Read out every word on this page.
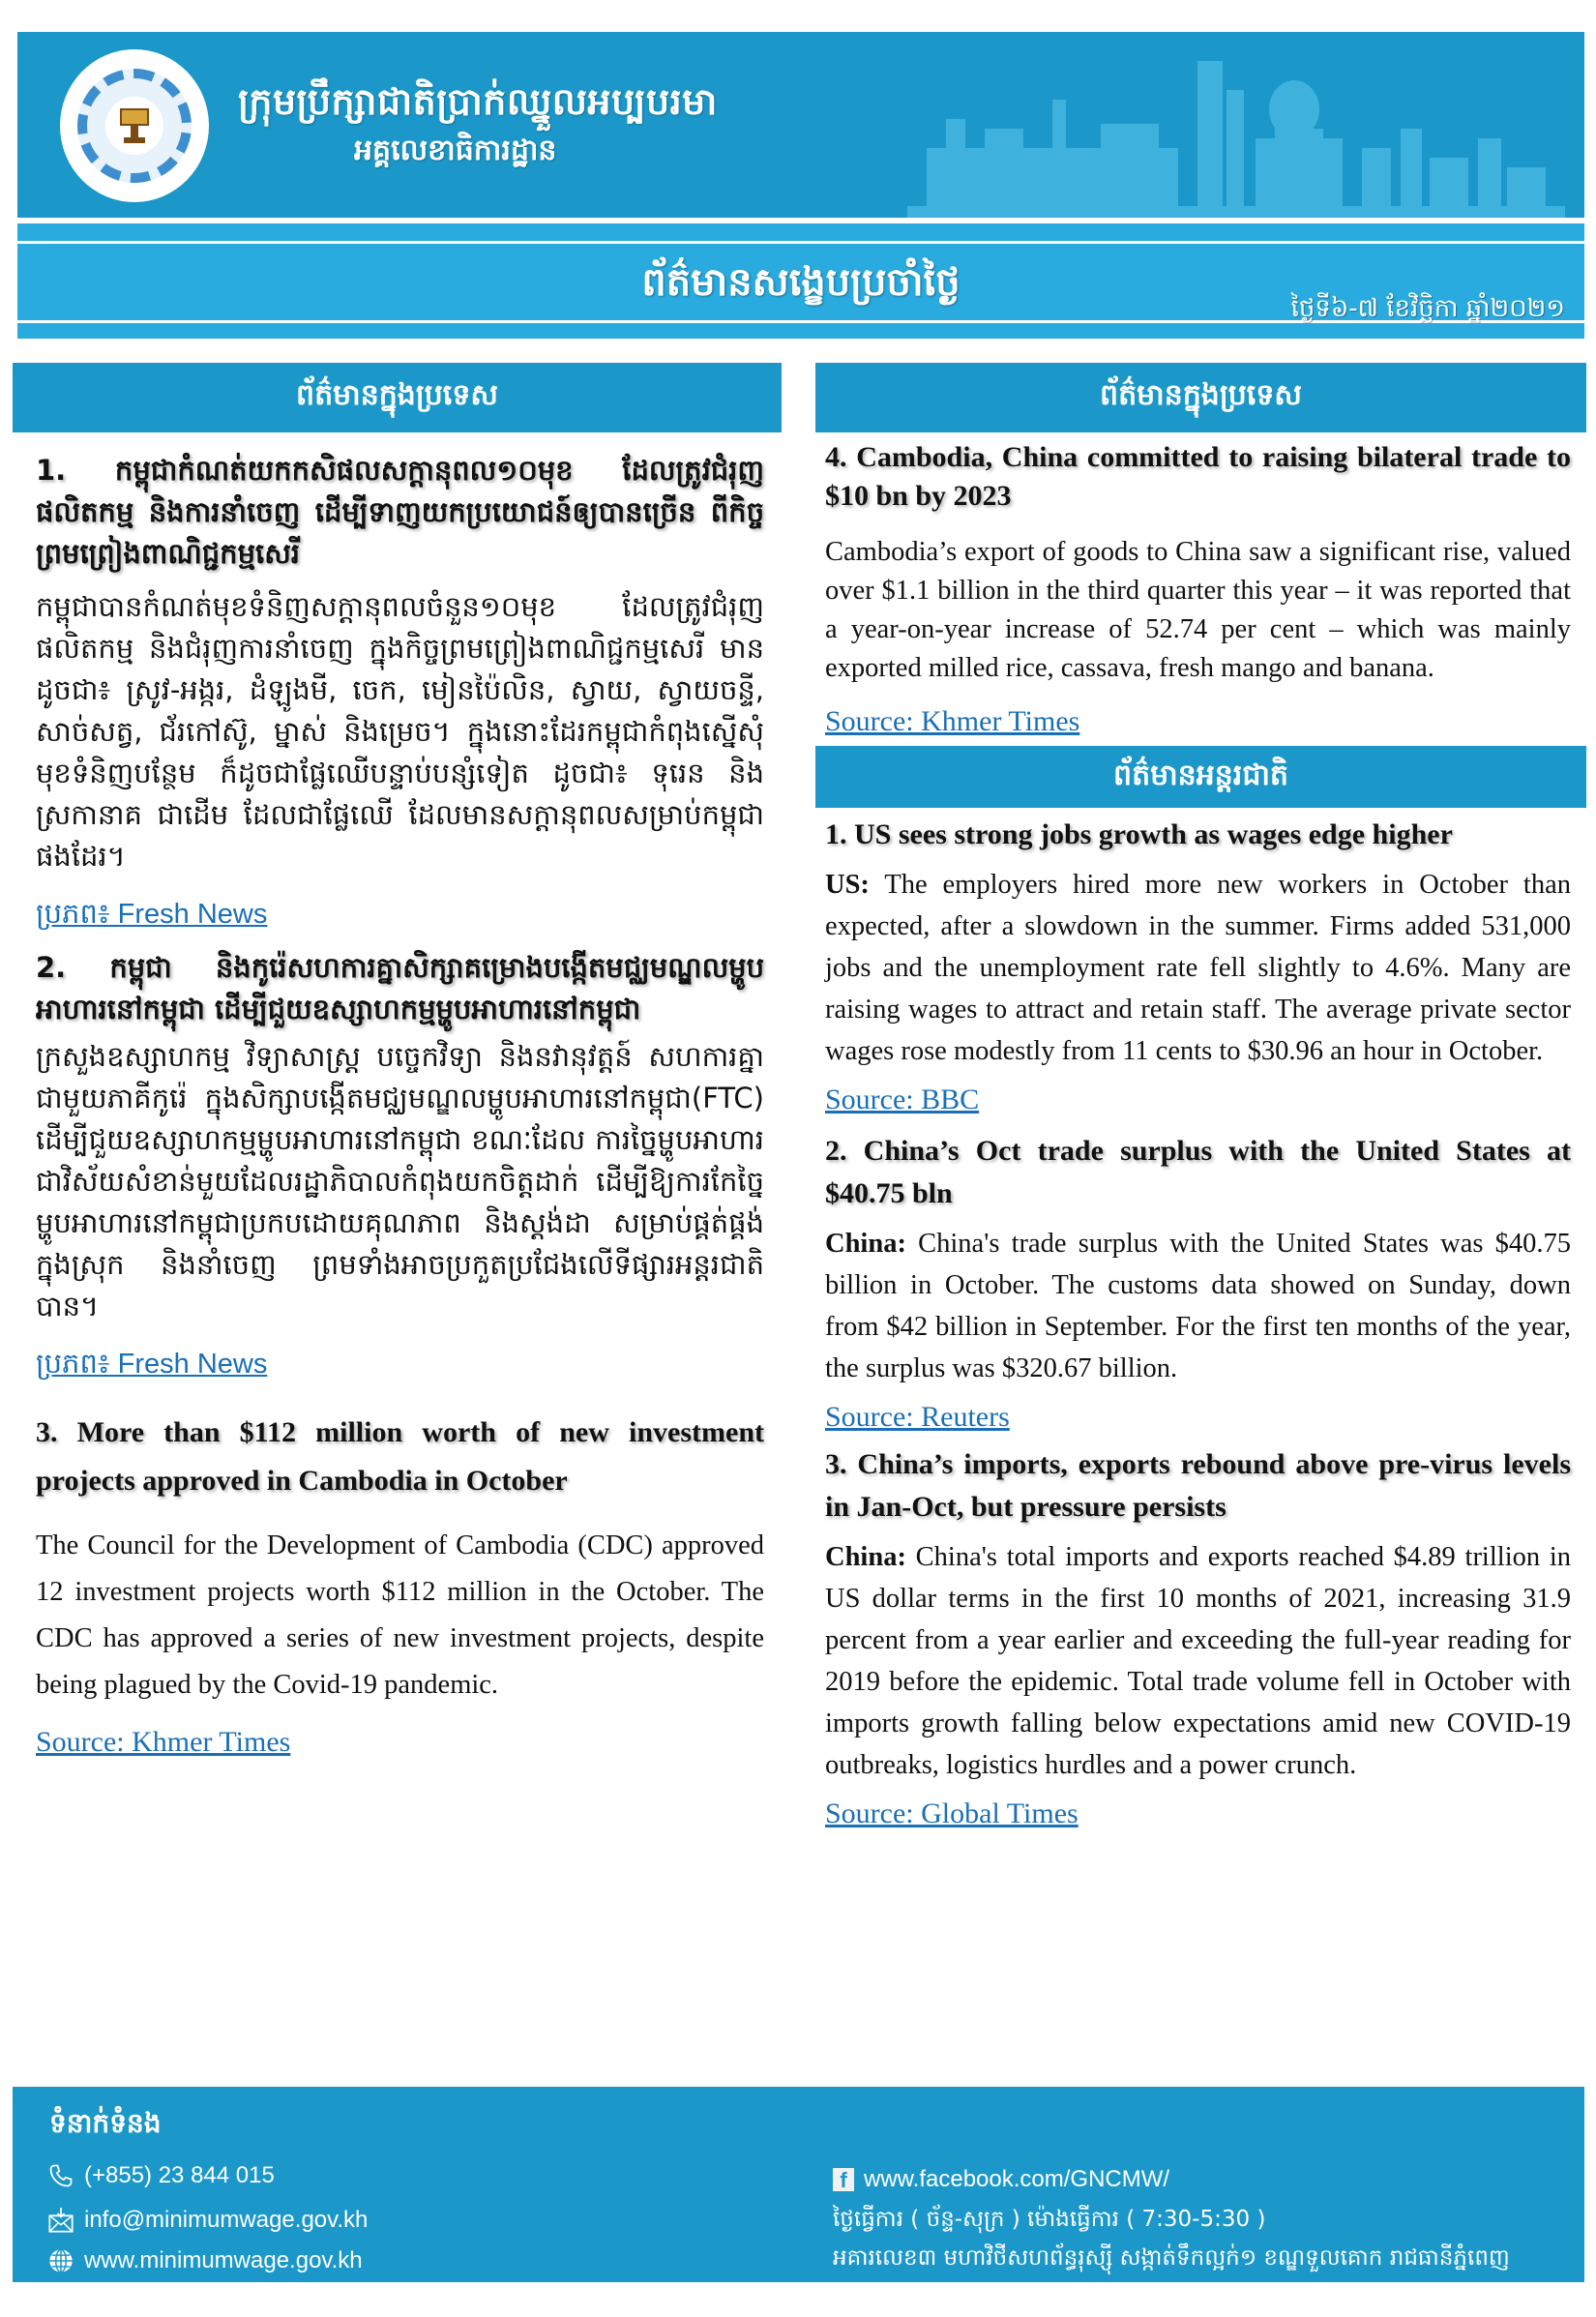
ក្រុមប្រឹក្សាជាតិប្រាក់ឈ្នួលអប្បបរមា
អគ្គលេខាធិការដ្ឋាន
ព័ត៌មានសង្ខេបប្រចាំថ្ងៃ
ថ្ងៃទី៦-៧ ខែវិច្ឆិកា ឆ្នាំ២០២១
ព័ត៌មានក្នុងប្រទេស
1. កម្ពុជាកំណត់យកកសិផលសក្តានុពល១០មុខ ដែលត្រូវជំរុញផលិតកម្ម និងការនាំចេញ ដើម្បីទាញយកប្រយោជន៍ឲ្យបានច្រើន ពីកិច្ចព្រមព្រៀងពាណិជ្ជកម្មសេរី
កម្ពុជាបានកំណត់មុខទំនិញសក្តានុពលចំនួន១០មុខ ដែលត្រូវជំរុញផលិតកម្ម និងជំរុញការនាំចេញ ក្នុងកិច្ចព្រមព្រៀងពាណិជ្ជកម្មសេរី មានដូចជា៖ ស្រូវ-អង្ករ, ដំឡូងមី, ចេក, មៀនប៉ៃលិន, ស្វាយ, ស្វាយចន្ទី, សាច់សត្វ, ជ័រកៅស៊ូ, ម្នាស់ និងម្រេច។ ក្នុងនោះដែរកម្ពុជាកំពុងស្នើសុំមុខទំនិញបន្ថែម ក៏ដូចជាផ្លែឈើបន្ទាប់បន្សំទៀត ដូចជា៖ ទុរេន និងស្រកានាគ ជាដើម ដែលជាផ្លែឈើ ដែលមានសក្តានុពលសម្រាប់កម្ពុជាផងដែរ។
ប្រភព៖ Fresh News
2. កម្ពុជា និងកូរ៉េសហការគ្នាសិក្សាគម្រោងបង្កើតមជ្ឈមណ្ឌលម្ហូបអាហារនៅកម្ពុជា ដើម្បីជួយឧស្សាហកម្មម្ហូបអាហារនៅកម្ពុជា
ក្រសួងឧស្សាហកម្ម វិទ្យាសាស្ត្រ បច្ចេកវិទ្យា និងនវានុវត្តន៍ សហការគ្នាជាមួយភាគីកូរ៉េ ក្នុងសិក្សាបង្កើតមជ្ឈមណ្ឌលម្ហូបអាហារនៅកម្ពុជា(FTC) ដើម្បីជួយឧស្សាហកម្មម្ហូបអាហារនៅកម្ពុជា ខណៈដែល ការច្នៃម្ហូបអាហារ ជាវិស័យសំខាន់មួយដែលរដ្ឋាភិបាលកំពុងយកចិត្តដាក់ ដើម្បីឱ្យការកែច្នៃម្ហូបអាហារនៅកម្ពុជាប្រកបដោយគុណភាព និងស្តង់ដា សម្រាប់ផ្គត់ផ្គង់ក្នុងស្រុក និងនាំចេញ ព្រមទាំងអាចប្រកួតប្រជែងលើទីផ្សារអន្តរជាតិបាន។
ប្រភព៖ Fresh News
3. More than $112 million worth of new investment projects approved in Cambodia in October
The Council for the Development of Cambodia (CDC) approved 12 investment projects worth $112 million in the October. The CDC has approved a series of new investment projects, despite being plagued by the Covid-19 pandemic.
Source: Khmer Times
ព័ត៌មានក្នុងប្រទេស
4. Cambodia, China committed to raising bilateral trade to $10 bn by 2023
Cambodia’s export of goods to China saw a significant rise, valued over $1.1 billion in the third quarter this year – it was reported that a year-on-year increase of 52.74 per cent – which was mainly exported milled rice, cassava, fresh mango and banana.
Source: Khmer Times
ព័ត៌មានអន្តរជាតិ
1. US sees strong jobs growth as wages edge higher
US: The employers hired more new workers in October than expected, after a slowdown in the summer. Firms added 531,000 jobs and the unemployment rate fell slightly to 4.6%. Many are raising wages to attract and retain staff. The average private sector wages rose modestly from 11 cents to $30.96 an hour in October.
Source: BBC
2. China’s Oct trade surplus with the United States at $40.75 bln
China: China's trade surplus with the United States was $40.75 billion in October. The customs data showed on Sunday, down from $42 billion in September. For the first ten months of the year, the surplus was $320.67 billion.
Source: Reuters
3. China’s imports, exports rebound above pre-virus levels in Jan-Oct, but pressure persists
China: China's total imports and exports reached $4.89 trillion in US dollar terms in the first 10 months of 2021, increasing 31.9 percent from a year earlier and exceeding the full-year reading for 2019 before the epidemic. Total trade volume fell in October with imports growth falling below expectations amid new COVID-19 outbreaks, logistics hurdles and a power crunch.
Source: Global Times
ទំនាក់ទំនង
(+855) 23 844 015
info@minimumwage.gov.kh
www.minimumwage.gov.kh
f www.facebook.com/GNCMW/
ថ្ងៃធ្វើការ ( ច័ន្ទ-សុក្រ ) ម៉ោងធ្វើការ ( 7:30-5:30 )
អគារលេខ៣ មហាវិថីសហព័ន្ធរុស្ស៊ី សង្កាត់ទឹកល្អក់១ ខណ្ឌទួលគោក រាជធានីភ្នំពេញ
